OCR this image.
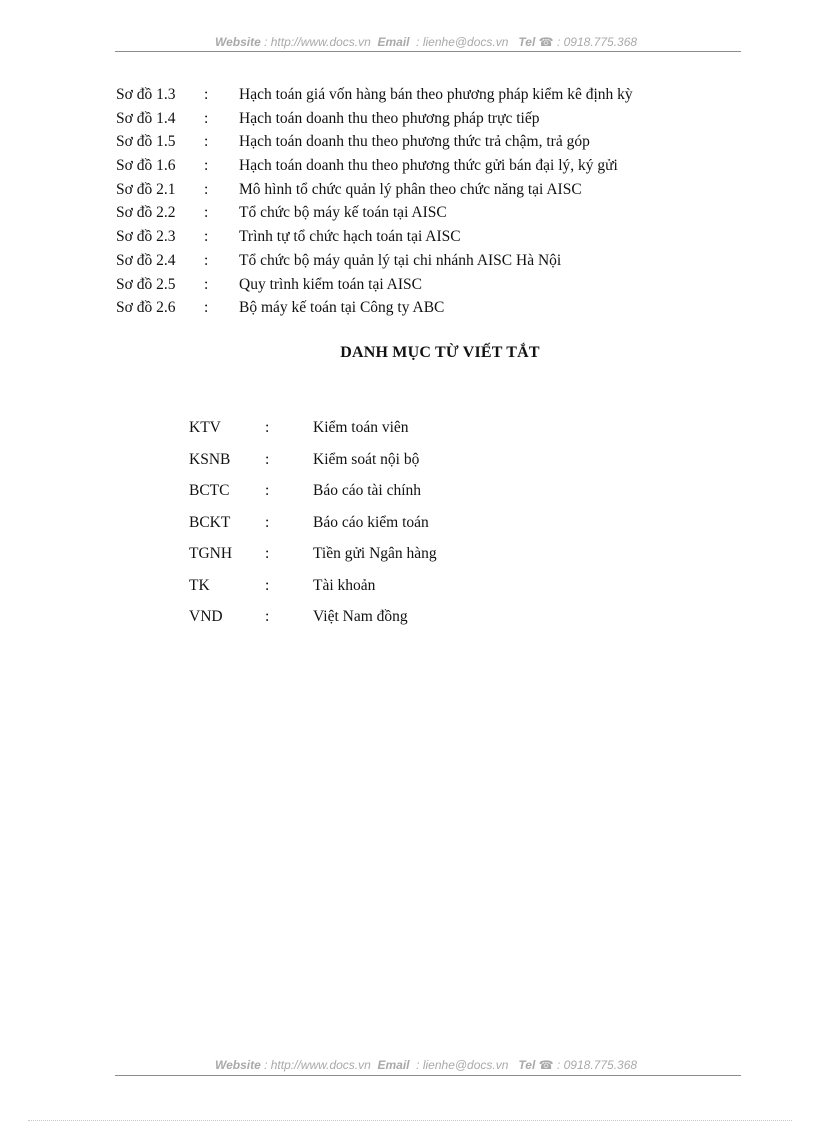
Website : http://www.docs.vn Email : lienhe@docs.vn Tel ☎ : 0918.775.368
Sơ đồ 1.3 : Hạch toán giá vốn hàng bán theo phương pháp kiểm kê định kỳ
Sơ đồ 1.4 : Hạch toán doanh thu theo phương pháp trực tiếp
Sơ đồ 1.5 : Hạch toán doanh thu theo phương thức trả chậm, trả góp
Sơ đồ 1.6 : Hạch toán doanh thu theo phương thức gửi bán đại lý, ký gửi
Sơ đồ 2.1 : Mô hình tổ chức quản lý phân theo chức năng tại AISC
Sơ đồ 2.2 : Tổ chức bộ máy kế toán tại AISC
Sơ đồ 2.3 : Trình tự tổ chức hạch toán tại AISC
Sơ đồ 2.4 : Tổ chức bộ máy quản lý tại chi nhánh AISC Hà Nội
Sơ đồ 2.5 : Quy trình kiểm toán tại AISC
Sơ đồ 2.6 : Bộ máy kế toán tại Công ty ABC
DANH MỤC TỪ VIẾT TẮT
KTV	:	Kiểm toán viên
KSNB :	Kiểm soát nội bộ
BCTC :	Báo cáo tài chính
BCKT :	Báo cáo kiểm toán
TGNH :	Tiền gửi Ngân hàng
TK	:	Tài khoản
VND	:	Việt Nam đồng
Website : http://www.docs.vn Email : lienhe@docs.vn Tel ☎ : 0918.775.368
